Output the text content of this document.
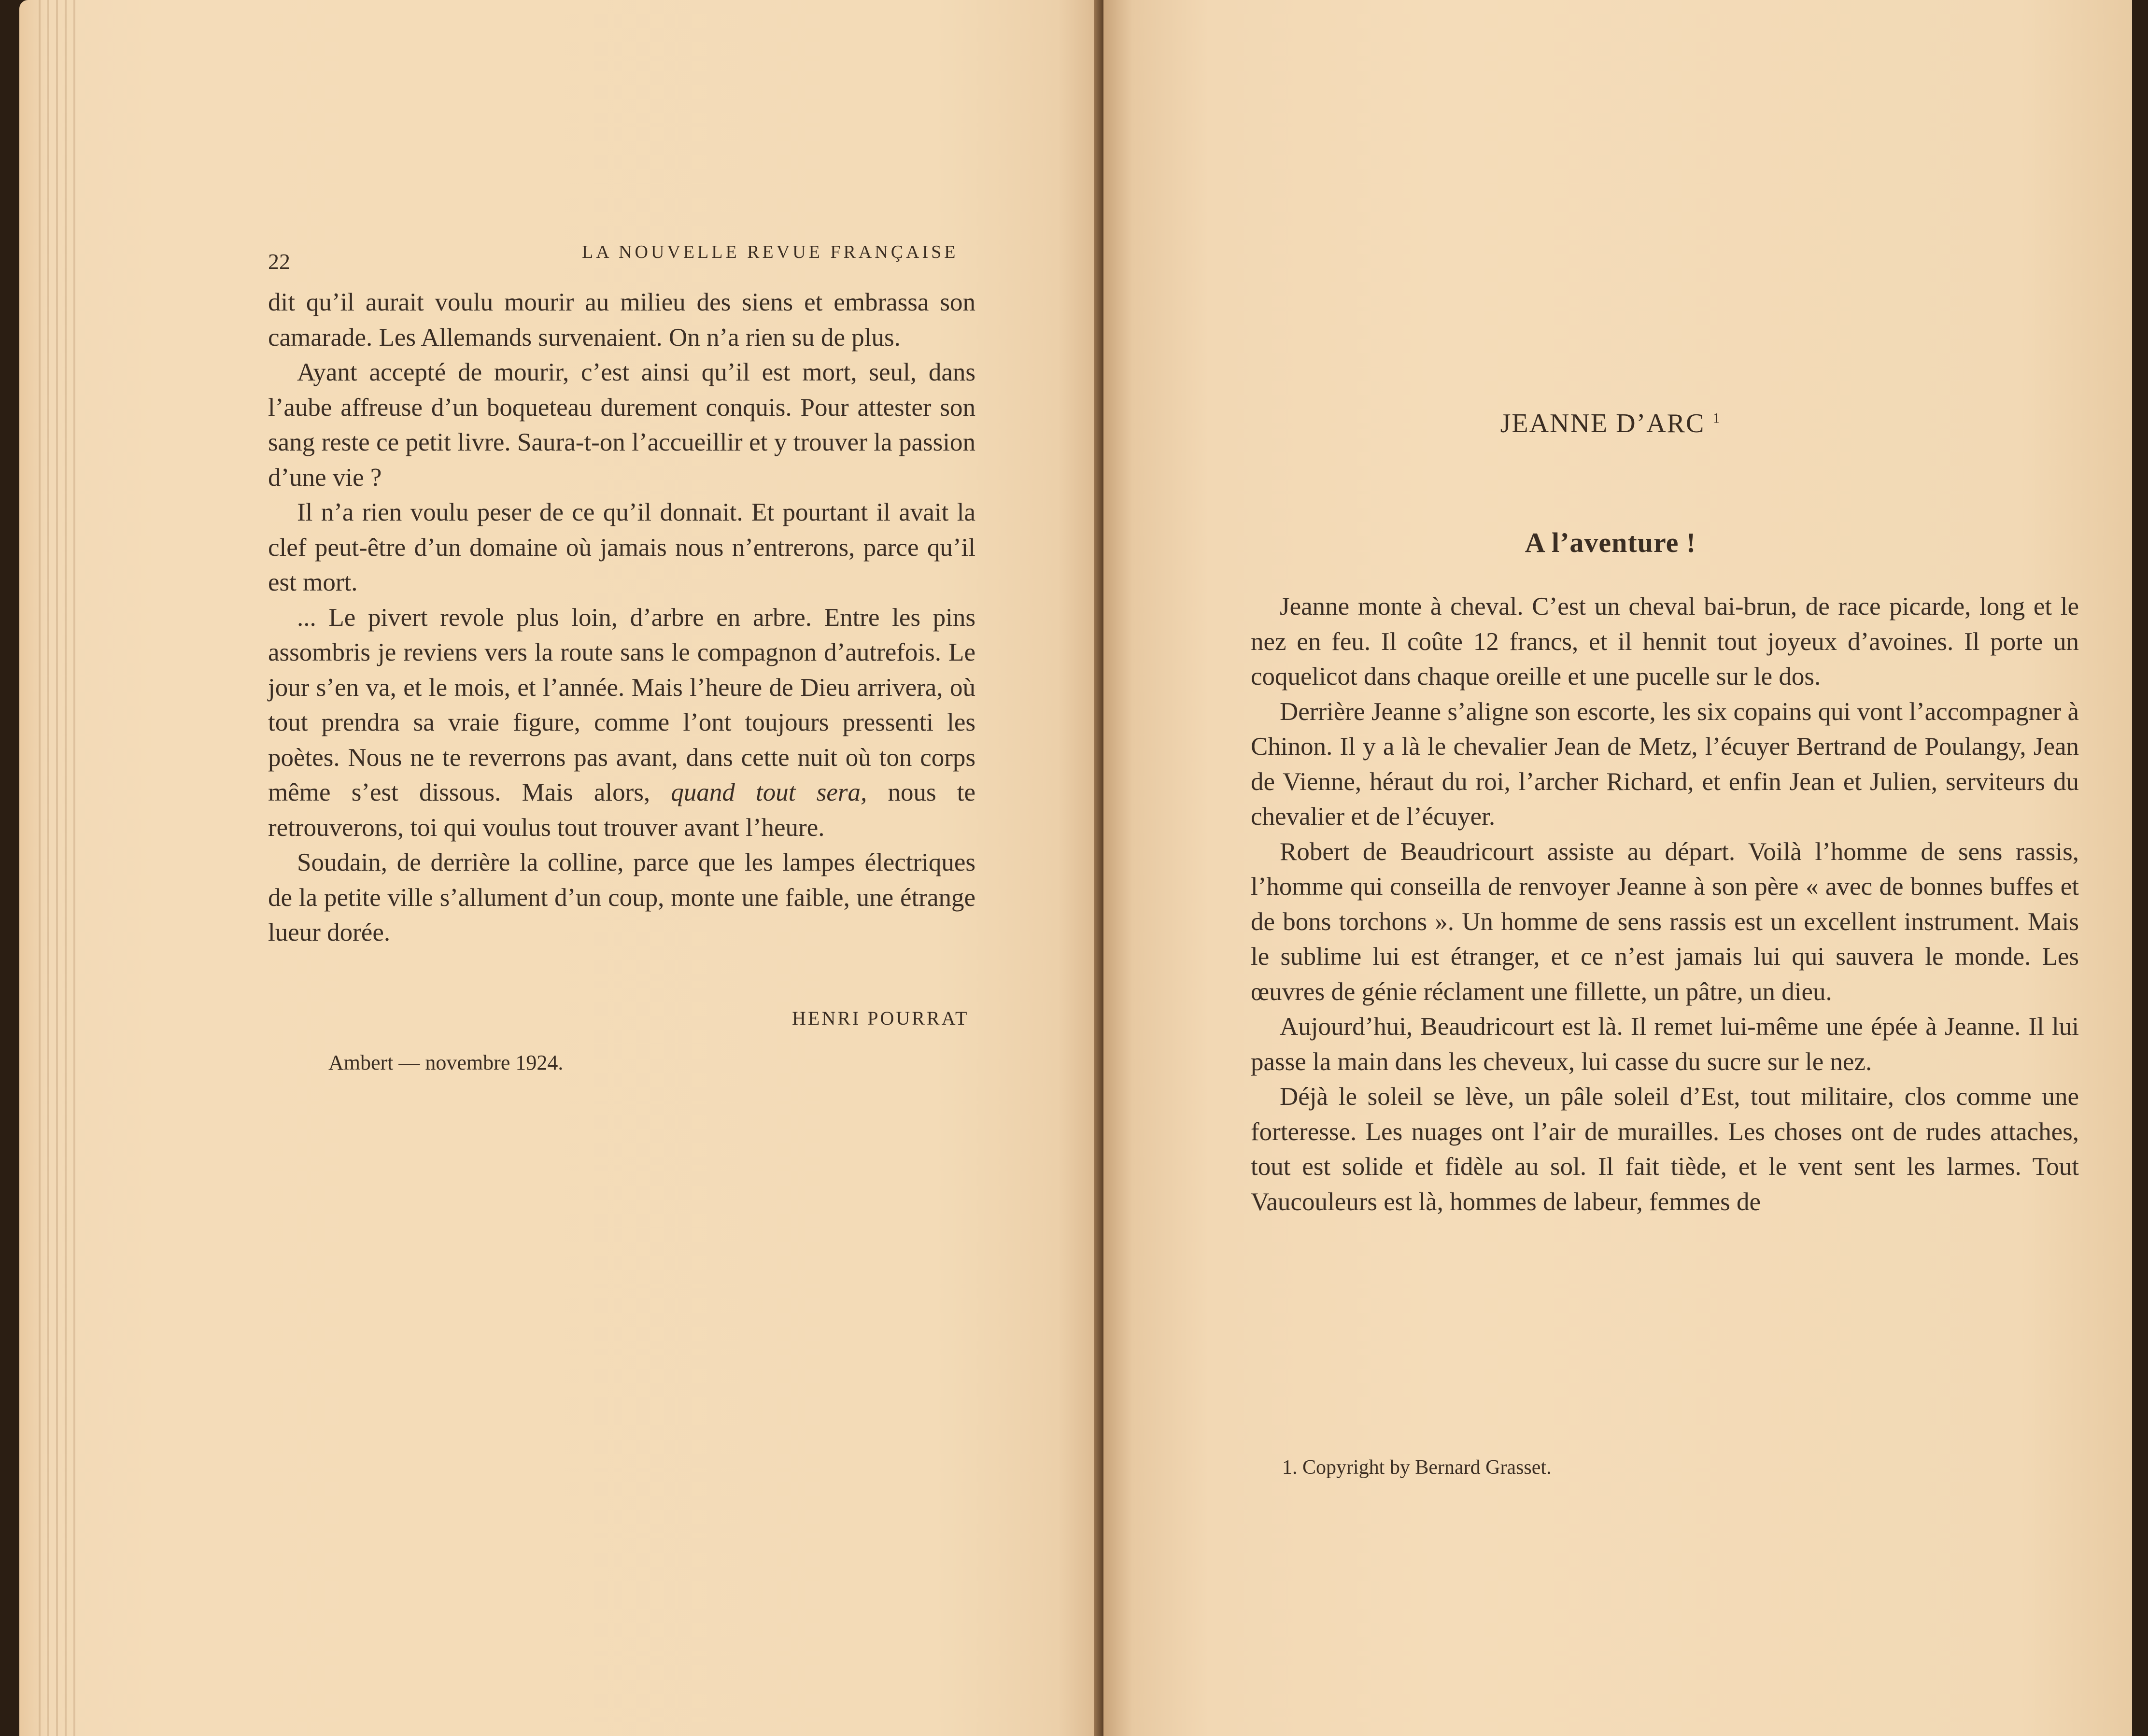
22	LA NOUVELLE REVUE FRANÇAISE

dit qu’il aurait voulu mourir au milieu des siens et embrassa son camarade. Les Allemands survenaient. On n’a rien su de plus.

Ayant accepté de mourir, c’est ainsi qu’il est mort, seul, dans l’aube affreuse d’un boqueteau durement conquis. Pour attester son sang reste ce petit livre. Saura-t-on l’accueillir et y trouver la passion d’une vie ?

Il n’a rien voulu peser de ce qu’il donnait. Et pourtant il avait la clef peut-être d’un domaine où jamais nous n’entrerons, parce qu’il est mort.

... Le pivert revole plus loin, d’arbre en arbre. Entre les pins assombris je reviens vers la route sans le compagnon d’autrefois. Le jour s’en va, et le mois, et l’année. Mais l’heure de Dieu arrivera, où tout prendra sa vraie figure, comme l’ont toujours pressenti les poètes. Nous ne te reverrons pas avant, dans cette nuit où ton corps même s’est dissous. Mais alors, quand tout sera, nous te retrouverons, toi qui voulus tout trouver avant l’heure.

Soudain, de derrière la colline, parce que les lampes électriques de la petite ville s’allument d’un coup, monte une faible, une étrange lueur dorée.

HENRI POURRAT
Ambert — novembre 1924.
JEANNE D’ARC $^1$
A l’aventure !

Jeanne monte à cheval. C’est un cheval bai-brun, de race picarde, long et le nez en feu. Il coûte 12 francs, et il hennit tout joyeux d’avoines. Il porte un coquelicot dans chaque oreille et une pucelle sur le dos.

Derrière Jeanne s’aligne son escorte, les six copains qui vont l’accompagner à Chinon. Il y a là le chevalier Jean de Metz, l’écuyer Bertrand de Poulangy, Jean de Vienne, héraut du roi, l’archer Richard, et enfin Jean et Julien, serviteurs du chevalier et de l’écuyer.

Robert de Beaudricourt assiste au départ. Voilà l’homme de sens rassis, l’homme qui conseilla de renvoyer Jeanne à son père « avec de bonnes buffes et de bons torchons ». Un homme de sens rassis est un excellent instrument. Mais le sublime lui est étranger, et ce n’est jamais lui qui sauvera le monde. Les œuvres de génie réclament une fillette, un pâtre, un dieu.

Aujourd’hui, Beaudricourt est là. Il remet lui-même une épée à Jeanne. Il lui passe la main dans les cheveux, lui casse du sucre sur le nez.

Déjà le soleil se lève, un pâle soleil d’Est, tout militaire, clos comme une forteresse. Les nuages ont l’air de murailles. Les choses ont de rudes attaches, tout est solide et fidèle au sol. Il fait tiède, et le vent sent les larmes. Tout Vaucouleurs est là, hommes de labeur, femmes de

1. Copyright by Bernard Grasset.
